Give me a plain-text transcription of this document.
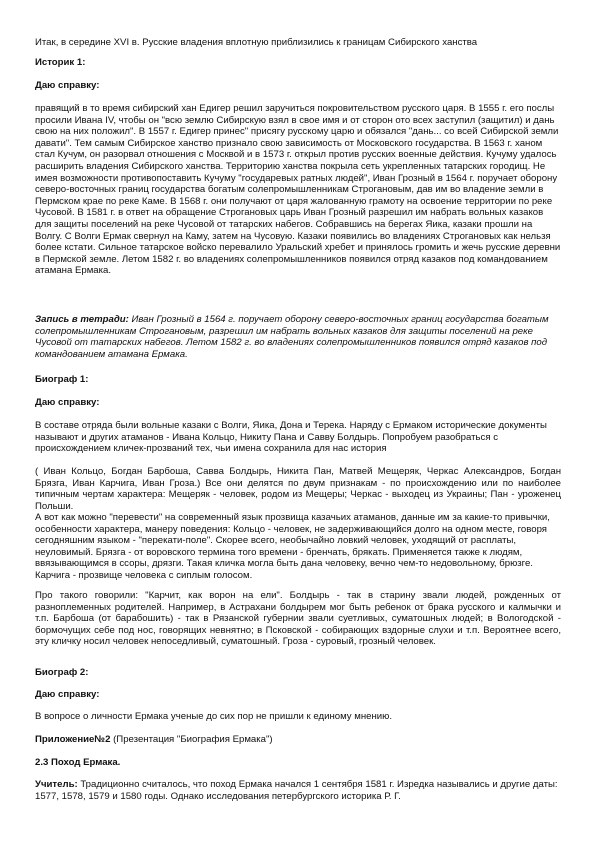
Итак, в середине XVI в. Русские владения вплотную приблизились к границам Сибирского ханства

Историк 1:

Даю справку:

правящий в то время сибирский хан Едигер решил заручиться покровительством русского царя. В 1555 г. его послы просили Ивана IV, чтобы он "всю землю Сибирскую взял в свое имя и от сторон ото всех заступил (защитил) и дань свою на них положил". В 1557 г. Едигер принес" присягу русскому царю и обязался "дань... со всей Сибирской земли давати". Тем самым Сибирское ханство признало свою зависимость от Московского государства. В 1563 г. ханом стал Кучум, он разорвал отношения с Москвой и в 1573 г. открыл против русских военные действия. Кучуму удалось расширить владения Сибирского ханства. Территорию ханства покрыла сеть укрепленных татарских городищ. Не имея возможности противопоставить Кучуму "государевых ратных людей", Иван Грозный в 1564 г. поручает оборону северо-восточных границ государства богатым солепромышленникам Строгановым, дав им во владение земли в Пермском крае по реке Каме. В 1568 г. они получают от царя жалованную грамоту на освоение территории по реке Чусовой. В 1581 г. в ответ на обращение Строгановых царь Иван Грозный разрешил им набрать вольных казаков для защиты поселений на реке Чусовой от татарских набегов. Собравшись на берегах Яика, казаки прошли на Волгу. С Волги Ермак свернул на Каму, затем на Чусовую. Казаки появились во владениях Строгановых как нельзя более кстати. Сильное татарское войско перевалило Уральский хребет и принялось громить и жечь русские деревни в Пермской земле. Летом 1582 г. во владениях солепромышленников появился отряд казаков под командованием атамана Ермака.

Запись в тетради: Иван Грозный в 1564 г. поручает оборону северо-восточных границ государства богатым солепромышленникам Строгановым, разрешил им набрать вольных казаков для защиты поселений на реке Чусовой от татарских набегов. Летом 1582 г. во владениях солепромышленников появился отряд казаков под командованием атамана Ермака.

Биограф 1:

Даю справку:

В составе отряда были вольные казаки с Волги, Яика, Дона и Терека. Наряду с Ермаком исторические документы называют и других атаманов - Ивана Кольцо, Никиту Пана и Савву Болдырь. Попробуем разобраться с происхождением кличек-прозваний тех, чьи имена сохранила для нас история

( Иван Кольцо, Богдан Барбоша, Савва Болдырь, Никита Пан, Матвей Мещеряк, Черкас Александров, Богдан Брязга, Иван Карчига, Иван Гроза.) Все они делятся по двум признакам - по происхождению или по наиболее типичным чертам характера: Мещеряк - человек, родом из Мещеры; Черкас - выходец из Украины; Пан - уроженец Польши.

А вот как можно "перевести" на современный язык прозвища казачьих атаманов, данные им за какие-то привычки, особенности характера, манеру поведения: Кольцо - человек, не задерживающийся долго на одном месте, говоря сегодняшним языком - "перекати-поле". Скорее всего, необычайно ловкий человек, уходящий от расплаты, неуловимый. Брязга - от воровского термина того времени - бренчать, брякать. Применяется также к людям, ввязывающимся в ссоры, дрязги. Такая кличка могла быть дана человеку, вечно чем-то недовольному, брюзге. Карчига - прозвище человека с сиплым голосом.

Про такого говорили: "Карчит, как ворон на ели". Болдырь - так в старину звали людей, рожденных от разноплеменных родителей. Например, в Астрахани болдырем мог быть ребенок от брака русского и калмычки и т.п. Барбоша (от барабошить) - так в Рязанской губернии звали суетливых, суматошных людей; в Вологодской - бормочущих себе под нос, говорящих невнятно; в Псковской - собирающих вздорные слухи и т.п. Вероятнее всего, эту кличку носил человек непоседливый, суматошный. Гроза - суровый, грозный человек.

Биограф 2:

Даю справку:

В вопросе о личности Ермака ученые до сих пор не пришли к единому мнению.

Приложение№2 (Презентация "Биография Ермака")

2.3 Поход Ермака.

Учитель: Традиционно считалось, что поход Ермака начался 1 сентября 1581 г. Изредка назывались и другие даты: 1577, 1578, 1579 и 1580 годы. Однако исследования петербургского историка Р. Г.
